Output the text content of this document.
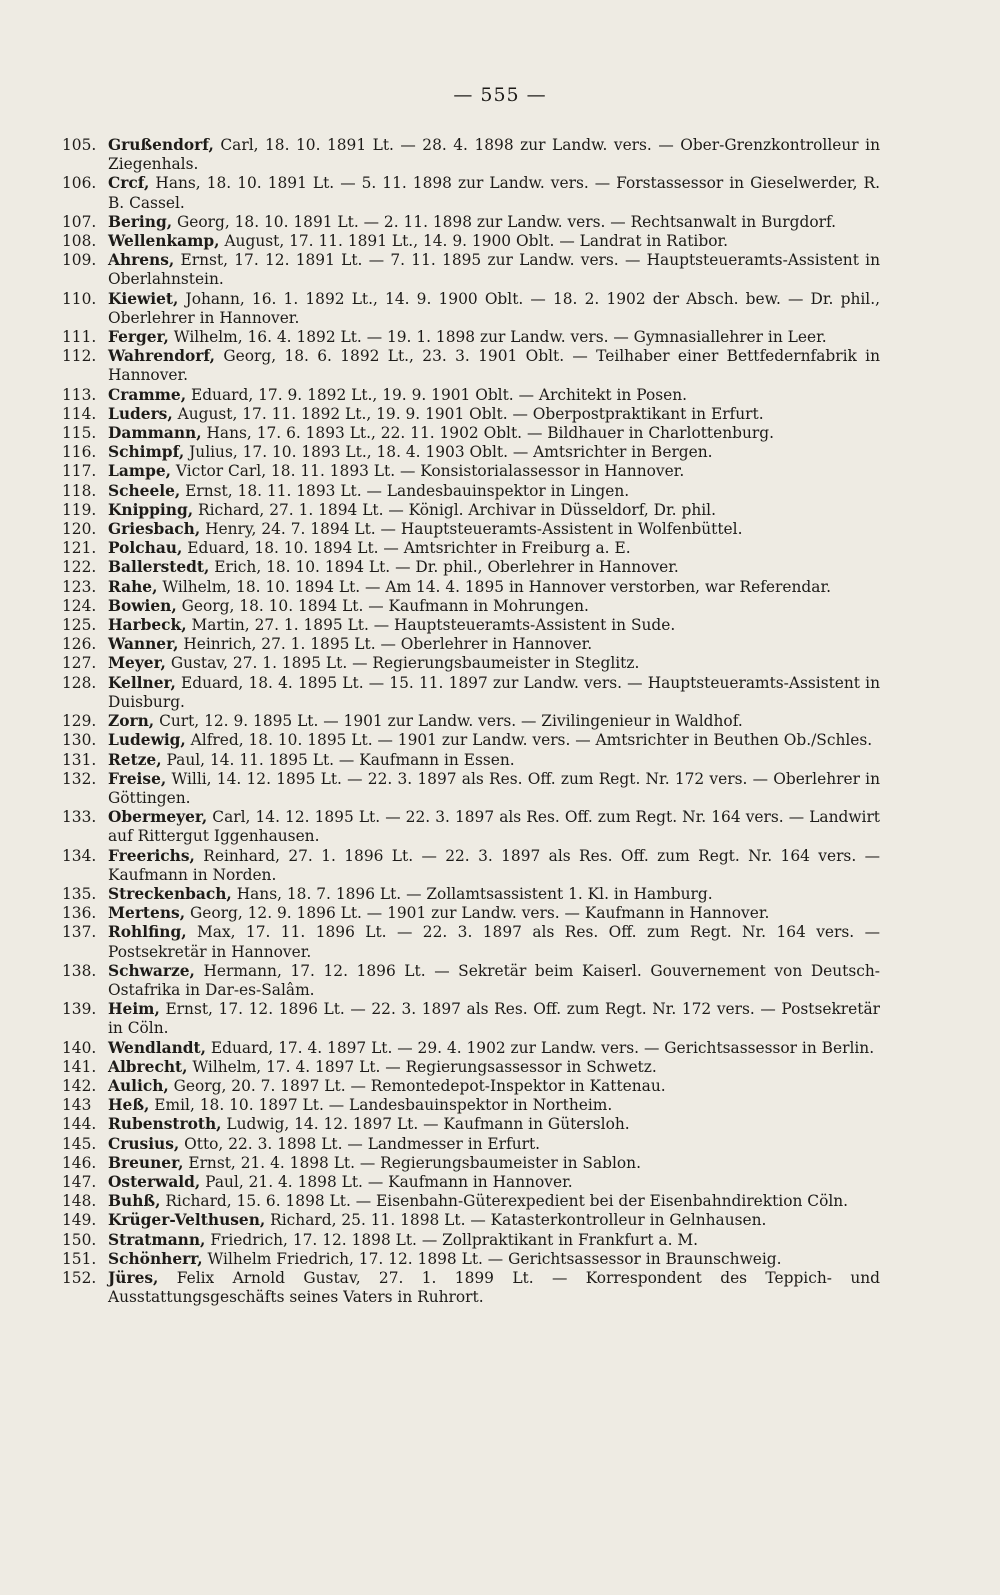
— 555 —
105. Grußendorf, Carl, 18. 10. 1891 Lt. — 28. 4. 1898 zur Landw. vers. — Ober-Grenzkontrolleur in Ziegenhals.
106. Crcf, Hans, 18. 10. 1891 Lt. — 5. 11. 1898 zur Landw. vers. — Forstassessor in Gieselwerder, R. B. Cassel.
107. Bering, Georg, 18. 10. 1891 Lt. — 2. 11. 1898 zur Landw. vers. — Rechtsanwalt in Burgdorf.
108. Wellenkamp, August, 17. 11. 1891 Lt., 14. 9. 1900 Oblt. — Landrat in Ratibor.
109. Ahrens, Ernst, 17. 12. 1891 Lt. — 7. 11. 1895 zur Landw. vers. — Hauptsteueramts-Assistent in Oberlahnstein.
110. Kiewiet, Johann, 16. 1. 1892 Lt., 14. 9. 1900 Oblt. — 18. 2. 1902 der Absch. bew. — Dr. phil., Oberlehrer in Hannover.
111. Ferger, Wilhelm, 16. 4. 1892 Lt. — 19. 1. 1898 zur Landw. vers. — Gymnasiallehrer in Leer.
112. Wahrendorf, Georg, 18. 6. 1892 Lt., 23. 3. 1901 Oblt. — Teilhaber einer Bettfedernfabrik in Hannover.
113. Cramme, Eduard, 17. 9. 1892 Lt., 19. 9. 1901 Oblt. — Architekt in Posen.
114. Luders, August, 17. 11. 1892 Lt., 19. 9. 1901 Oblt. — Oberpostpraktikant in Erfurt.
115. Dammann, Hans, 17. 6. 1893 Lt., 22. 11. 1902 Oblt. — Bildhauer in Charlottenburg.
116. Schimpf, Julius, 17. 10. 1893 Lt., 18. 4. 1903 Oblt. — Amtsrichter in Bergen.
117. Lampe, Victor Carl, 18. 11. 1893 Lt. — Konsistorialassessor in Hannover.
118. Scheele, Ernst, 18. 11. 1893 Lt. — Landesbauinspektor in Lingen.
119. Knipping, Richard, 27. 1. 1894 Lt. — Königl. Archivar in Düsseldorf, Dr. phil.
120. Griesbach, Henry, 24. 7. 1894 Lt. — Hauptsteueramts-Assistent in Wolfenbüttel.
121. Polchau, Eduard, 18. 10. 1894 Lt. — Amtsrichter in Freiburg a. E.
122. Ballerstedt, Erich, 18. 10. 1894 Lt. — Dr. phil., Oberlehrer in Hannover.
123. Rahe, Wilhelm, 18. 10. 1894 Lt. — Am 14. 4. 1895 in Hannover verstorben, war Referendar.
124. Bowien, Georg, 18. 10. 1894 Lt. — Kaufmann in Mohrungen.
125. Harbeck, Martin, 27. 1. 1895 Lt. — Hauptsteueramts-Assistent in Sude.
126. Wanner, Heinrich, 27. 1. 1895 Lt. — Oberlehrer in Hannover.
127. Meyer, Gustav, 27. 1. 1895 Lt. — Regierungsbaumeister in Steglitz.
128. Kellner, Eduard, 18. 4. 1895 Lt. — 15. 11. 1897 zur Landw. vers. — Hauptsteueramts-Assistent in Duisburg.
129. Zorn, Curt, 12. 9. 1895 Lt. — 1901 zur Landw. vers. — Zivilingenieur in Waldhof.
130. Ludewig, Alfred, 18. 10. 1895 Lt. — 1901 zur Landw. vers. — Amtsrichter in Beuthen Ob./Schles.
131. Retze, Paul, 14. 11. 1895 Lt. — Kaufmann in Essen.
132. Freise, Willi, 14. 12. 1895 Lt. — 22. 3. 1897 als Res. Off. zum Regt. Nr. 172 vers. — Oberlehrer in Göttingen.
133. Obermeyer, Carl, 14. 12. 1895 Lt. — 22. 3. 1897 als Res. Off. zum Regt. Nr. 164 vers. — Landwirt auf Rittergut Iggenhausen.
134. Freerichs, Reinhard, 27. 1. 1896 Lt. — 22. 3. 1897 als Res. Off. zum Regt. Nr. 164 vers. — Kaufmann in Norden.
135. Streckenbach, Hans, 18. 7. 1896 Lt. — Zollamtsassistent 1. Kl. in Hamburg.
136. Mertens, Georg, 12. 9. 1896 Lt. — 1901 zur Landw. vers. — Kaufmann in Hannover.
137. Rohlfing, Max, 17. 11. 1896 Lt. — 22. 3. 1897 als Res. Off. zum Regt. Nr. 164 vers. — Postsekretär in Hannover.
138. Schwarze, Hermann, 17. 12. 1896 Lt. — Sekretär beim Kaiserl. Gouvernement von Deutsch-Ostafrika in Dar-es-Salâm.
139. Heim, Ernst, 17. 12. 1896 Lt. — 22. 3. 1897 als Res. Off. zum Regt. Nr. 172 vers. — Postsekretär in Cöln.
140. Wendlandt, Eduard, 17. 4. 1897 Lt. — 29. 4. 1902 zur Landw. vers. — Gerichtsassessor in Berlin.
141. Albrecht, Wilhelm, 17. 4. 1897 Lt. — Regierungsassessor in Schwetz.
142. Aulich, Georg, 20. 7. 1897 Lt. — Remontedepot-Inspektor in Kattenau.
143	Heß, Emil, 18. 10. 1897 Lt. — Landesbauinspektor in Northeim.
144. Rubenstroth, Ludwig, 14. 12. 1897 Lt. — Kaufmann in Gütersloh.
145. Crusius, Otto, 22. 3. 1898 Lt. — Landmesser in Erfurt.
146. Breuner, Ernst, 21. 4. 1898 Lt. — Regierungsbaumeister in Sablon.
147. Osterwald, Paul, 21. 4. 1898 Lt. — Kaufmann in Hannover.
148. Buhß, Richard, 15. 6. 1898 Lt. — Eisenbahn-Güterexpedient bei der Eisenbahndirektion Cöln.
149. Krüger-Velthusen, Richard, 25. 11. 1898 Lt. — Katasterkontrolleur in Gelnhausen.
150. Stratmann, Friedrich, 17. 12. 1898 Lt. — Zollpraktikant in Frankfurt a. M.
151. Schönherr, Wilhelm Friedrich, 17. 12. 1898 Lt. — Gerichtsassessor in Braunschweig.
152. Jüres, Felix Arnold Gustav, 27. 1. 1899 Lt. — Korrespondent des Teppich- und Ausstattungsgeschäfts seines Vaters in Ruhrort.
